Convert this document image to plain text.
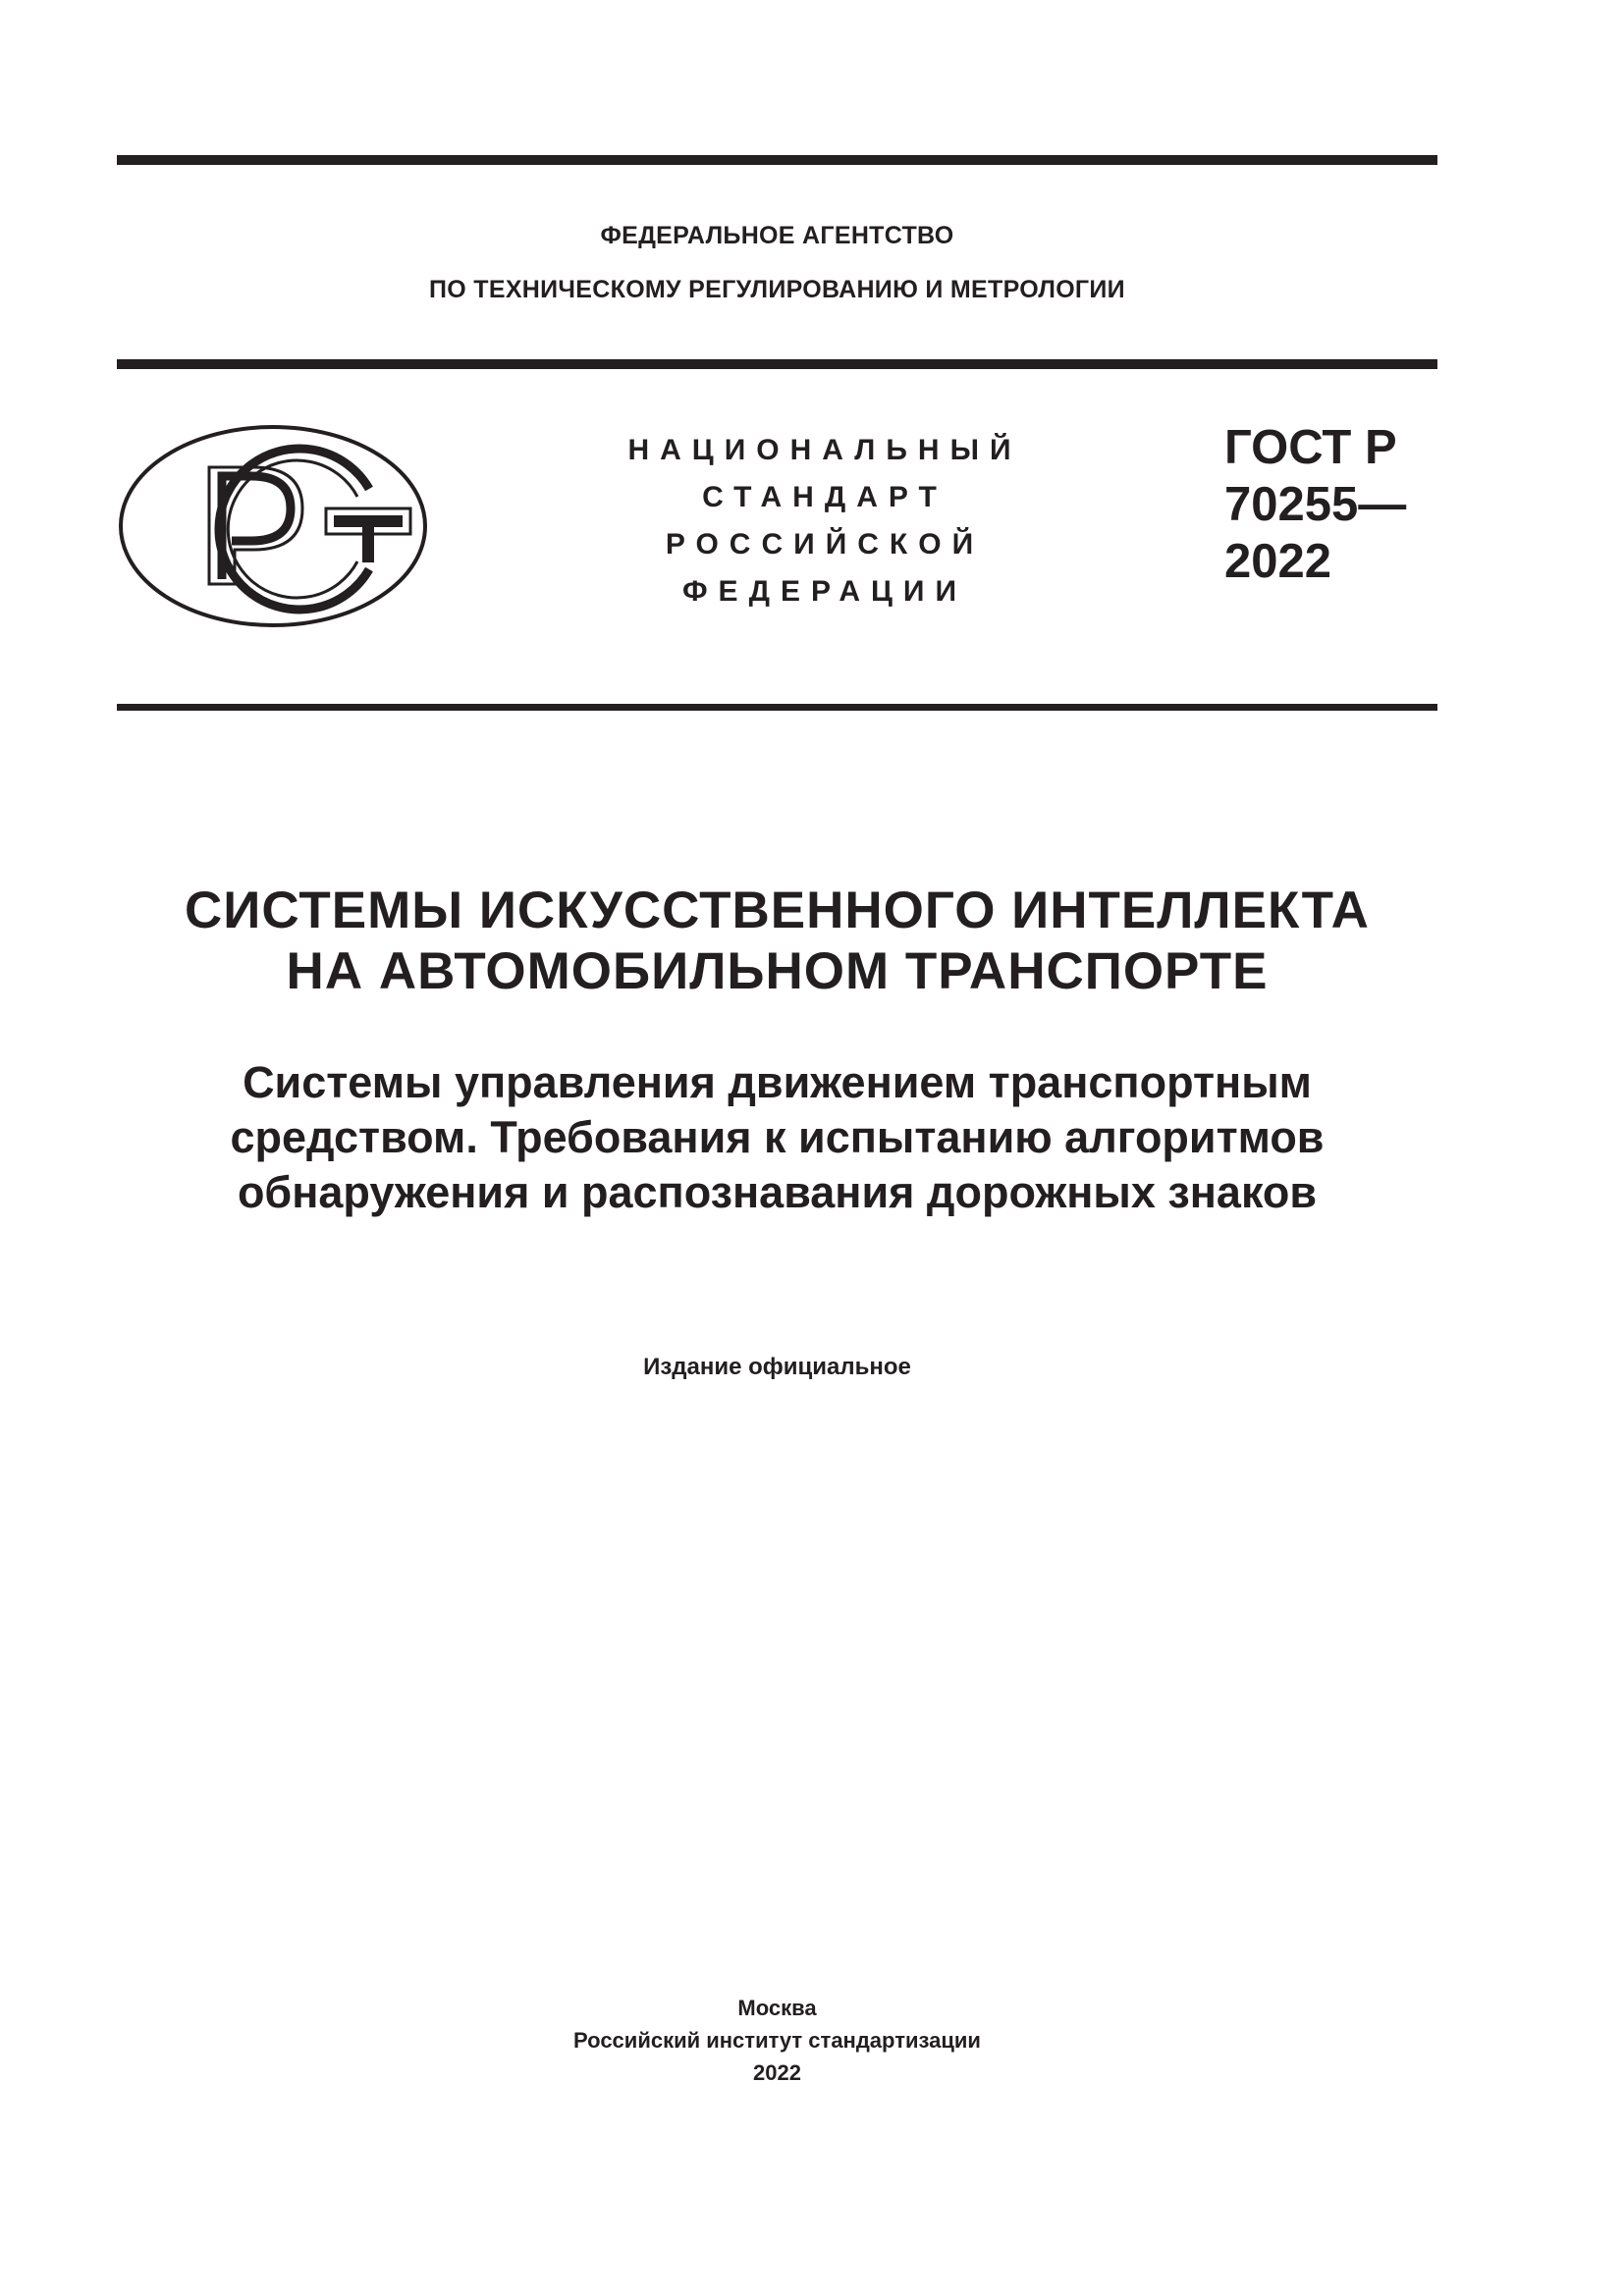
ФЕДЕРАЛЬНОЕ АГЕНТСТВО
ПО ТЕХНИЧЕСКОМУ РЕГУЛИРОВАНИЮ И МЕТРОЛОГИИ
НАЦИОНАЛЬНЫЙ
СТАНДАРТ
РОССИЙСКОЙ
ФЕДЕРАЦИИ
ГОСТ Р
70255—
2022
СИСТЕМЫ ИСКУССТВЕННОГО ИНТЕЛЛЕКТА
НА АВТОМОБИЛЬНОМ ТРАНСПОРТЕ
Системы управления движением транспортным
средством. Требования к испытанию алгоритмов
обнаружения и распознавания дорожных знаков
Издание официальное
Москва
Российский институт стандартизации
2022
